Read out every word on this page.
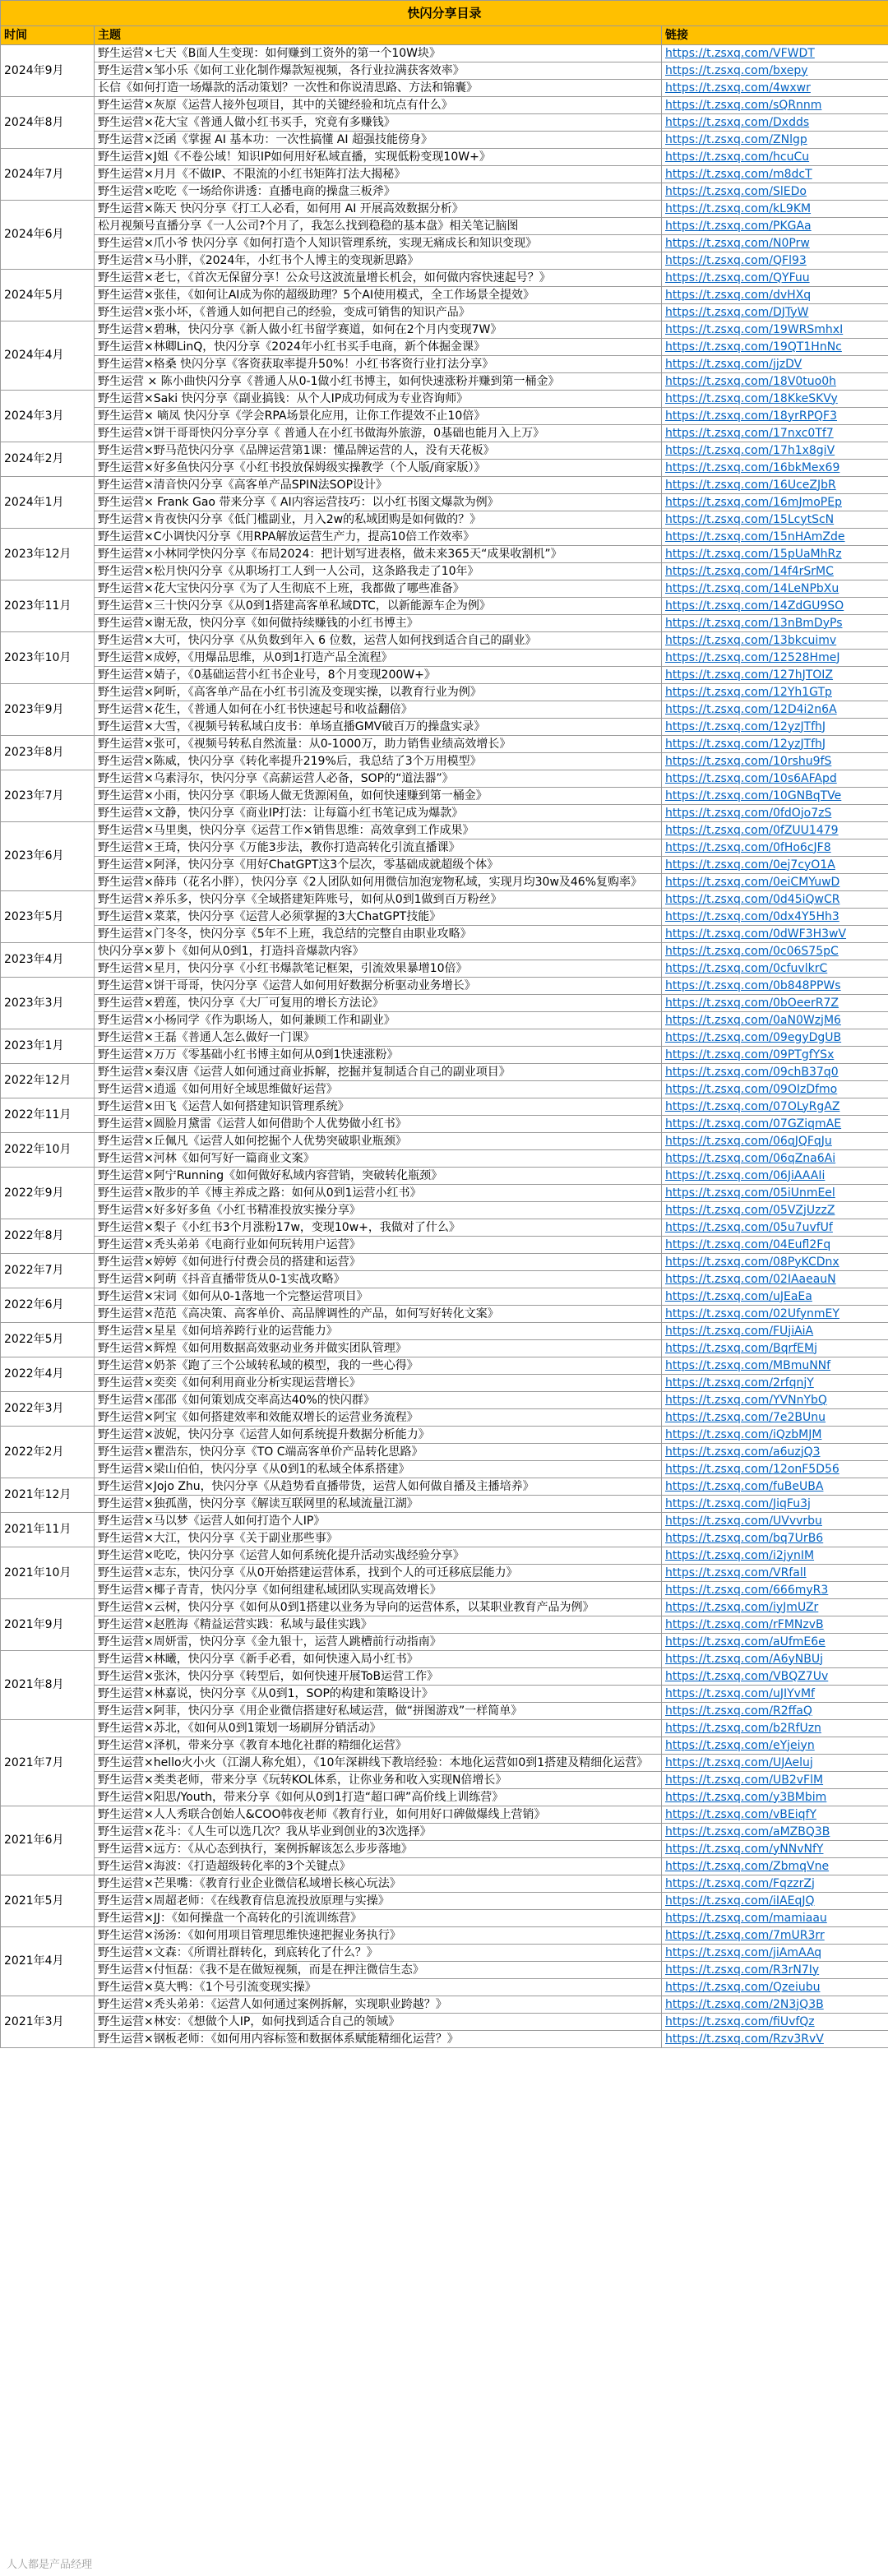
快闪分享目录		
时间	主题	链接
2024年9月	野生运营×七天《B面人生变现：如何赚到工资外的第一个10W块》	https://t.zsxq.com/VFWDT
	野生运营×邹小乐《如何工业化制作爆款短视频，各行业拉满获客效率》	https://t.zsxq.com/bxepy
	长信《如何打造一场爆款的活动策划？一次性和你说清思路、方法和锦囊》	https://t.zsxq.com/4wxwr
2024年8月	野生运营×灰原《运营人接外包项目，其中的关键经验和坑点有什么》	https://t.zsxq.com/sQRnnm
	野生运营×花大宝《普通人做小红书买手，究竟有多赚钱》	https://t.zsxq.com/Dxdds
	野生运营×泛函《掌握 AI 基本功：一次性搞懂 AI 超强技能傍身》	https://t.zsxq.com/ZNlgp
2024年7月	野生运营×J姐《不卷公域！知识IP如何用好私域直播，实现低粉变现10W+》	https://t.zsxq.com/hcuCu
	野生运营×月月《不做IP、不限流的小红书矩阵打法大揭秘》	https://t.zsxq.com/m8dcT
	野生运营×吃吃《一场给你讲透：直播电商的操盘三板斧》	https://t.zsxq.com/SlEDo
2024年6月	野生运营×陈天 快闪分享《打工人必看，如何用 AI 开展高效数据分析》	https://t.zsxq.com/kL9KM
	松月视频号直播分享《一人公司?个月了，我怎么找到稳稳的基本盘》相关笔记脑图	https://t.zsxq.com/PKGAa
	野生运营×爪小爷 快闪分享《如何打造个人知识管理系统，实现无痛成长和知识变现》	https://t.zsxq.com/N0Prw
	野生运营×马小胖，《2024年，小红书个人博主的变现新思路》	https://t.zsxq.com/QFl93
2024年5月	野生运营×老七，《首次无保留分享！公众号这波流量增长机会，如何做内容快速起号？》	https://t.zsxq.com/QYFuu
	野生运营×张佳，《如何让AI成为你的超级助理？5个AI使用模式，全工作场景全提效》	https://t.zsxq.com/dvHXq
	野生运营×张小坏，《普通人如何把自己的经验，变成可销售的知识产品》	https://t.zsxq.com/DJTyW
2024年4月	野生运营×碧琳，快闪分享《新人做小红书留学赛道，如何在2个月内变现7W》	https://t.zsxq.com/19WRSmhxI
	野生运营×林卿LinQ，快闪分享《2024年小红书买手电商，新个体掘金课》	https://t.zsxq.com/19QT1HnNc
	野生运营×格桑 快闪分享《客资获取率提升50%！小红书客资行业打法分享》	https://t.zsxq.com/jjzDV
	野生运营 × 陈小曲快闪分享《普通人从0-1做小红书博主，如何快速涨粉并赚到第一桶金》	https://t.zsxq.com/18V0tuo0h
2024年3月	野生运营×Saki 快闪分享《副业搞钱：从个人IP成功何成为专业咨询师》	https://t.zsxq.com/18KkeSKVy
	野生运营× 嘀凤 快闪分享《学会RPA场景化应用，让你工作提效不止10倍》	https://t.zsxq.com/18yrRPQF3
	野生运营×饼干哥哥快闪分享分享《 普通人在小红书做海外旅游，0基础也能月入上万》	https://t.zsxq.com/17nxc0Tf7
2024年2月	野生运营×野马范快闪分享《品牌运营第1课：懂品牌运营的人，没有天花板》	https://t.zsxq.com/17h1x8giV
	野生运营×好多鱼快闪分享《小红书投放保姆级实操教学（个人版/商家版）》	https://t.zsxq.com/16bkMex69
2024年1月	野生运营×清音快闪分享《高客单产品SPIN法SOP设计》	https://t.zsxq.com/16UceZJbR
	野生运营× Frank Gao 带来分享《 AI内容运营技巧：以小红书图文爆款为例》	https://t.zsxq.com/16mJmoPEp
	野生运营×肯夜快闪分享《低门槛副业，月入2w的私域团购是如何做的？》	https://t.zsxq.com/15LcytScN
2023年12月	野生运营×C小调快闪分享《用RPA解放运营生产力，提高10倍工作效率》	https://t.zsxq.com/15nHAmZde
	野生运营×小林同学快闪分享《布局2024：把计划写进表格，做未来365天“成果收割机”》	https://t.zsxq.com/15pUaMhRz
	野生运营×松月快闪分享《从职场打工人到一人公司，这条路我走了10年》	https://t.zsxq.com/14f4rSrMC
2023年11月	野生运营×花大宝快闪分享《为了人生彻底不上班，我都做了哪些准备》	https://t.zsxq.com/14LeNPbXu
	野生运营×三十快闪分享《从0到1搭建高客单私域DTC，以新能源车企为例》	https://t.zsxq.com/14ZdGU9SO
	野生运营×谢无敌，快闪分享《如何做持续赚钱的小红书博主》	https://t.zsxq.com/13nBmDyPs
2023年10月	野生运营×大可，快闪分享《从负数到年入 6 位数，运营人如何找到适合自己的副业》	https://t.zsxq.com/13bkcuimv
	野生运营×成婷，《用爆品思维，从0到1打造产品全流程》	https://t.zsxq.com/12528HmeJ
	野生运营×婧子，《0基础运营小红书企业号，8个月变现200W+》	https://t.zsxq.com/127hJTOIZ
2023年9月	野生运营×阿昕，《高客单产品在小红书引流及变现实操，以教育行业为例》	https://t.zsxq.com/12Yh1GTp
	野生运营×花生，《普通人如何在小红书快速起号和收益翻倍》	https://t.zsxq.com/12D4i2n6A
	野生运营×大雪，《视频号转私域白皮书：单场直播GMV破百万的操盘实录》	https://t.zsxq.com/12yzJTfhJ
2023年8月	野生运营×张可，《视频号转私自然流量：从0-1000万，助力销售业绩高效增长》	https://t.zsxq.com/12yzJTfhJ
	野生运营×陈威，快闪分享《转化率提升219%后，我总结了3个万用模型》	https://t.zsxq.com/10rshu9fS
2023年7月	野生运营×乌素浔尔，快闪分享《高薪运营人必备，SOP的“道法器”》	https://t.zsxq.com/10s6AFApd
	野生运营×小雨，快闪分享《职场人做无货源闲鱼，如何快速赚到第一桶金》	https://t.zsxq.com/10GNBqTVe
	野生运营×文静，快闪分享《商业IP打法：让每篇小红书笔记成为爆款》	https://t.zsxq.com/0fdOjo7zS
2023年6月	野生运营×马里奥，快闪分享《运营工作×销售思维：高效拿到工作成果》	https://t.zsxq.com/0fZUU1479
	野生运营×王琦，快闪分享《万能3步法，教你打造高转化引流直播课》	https://t.zsxq.com/0fHo6cJF8
	野生运营×阿泽，快闪分享《用好ChatGPT这3个层次，零基础成就超级个体》	https://t.zsxq.com/0ej7cyO1A
	野生运营×薛玮（花名小胖），快闪分享《2人团队如何用微信加泡宠物私域，实现月均30w及46%复购率》	https://t.zsxq.com/0eiCMYuwD
2023年5月	野生运营×养乐多，快闪分享《全域搭建矩阵账号，如何从0到1做到百万粉丝》	https://t.zsxq.com/0d45iQwCR
	野生运营×菜菜，快闪分享《运营人必须掌握的3大ChatGPT技能》	https://t.zsxq.com/0dx4Y5Hh3
	野生运营×门冬冬，快闪分享《5年不上班，我总结的完整自由职业攻略》	https://t.zsxq.com/0dWF3H3wV
2023年4月	快闪分享×萝卜《如何从0到1，打造抖音爆款内容》	https://t.zsxq.com/0c06S75pC
	野生运营×星月，快闪分享《小红书爆款笔记框架，引流效果暴增10倍》	https://t.zsxq.com/0cfuvlkrC
2023年3月	野生运营×饼干哥哥，快闪分享《运营人如何用好数据分析驱动业务增长》	https://t.zsxq.com/0b848PPWs
	野生运营×碧莲，快闪分享《大厂可复用的增长方法论》	https://t.zsxq.com/0bOeerR7Z
	野生运营×小杨同学《作为职场人，如何兼顾工作和副业》	https://t.zsxq.com/0aN0WzjM6
2023年1月	野生运营×王磊《普通人怎么做好一门课》	https://t.zsxq.com/09egyDgUB
	野生运营×万万《零基础小红书博主如何从0到1快速涨粉》	https://t.zsxq.com/09PTgfYSx
2022年12月	野生运营×秦汉唐《运营人如何通过商业拆解，挖掘并复制适合自己的副业项目》	https://t.zsxq.com/09chB37q0
	野生运营×逍遥《如何用好全域思维做好运营》	https://t.zsxq.com/09OIzDfmo
2022年11月	野生运营×田飞《运营人如何搭建知识管理系统》	https://t.zsxq.com/07OLyRgAZ
	野生运营×圆脸月黛雷《运营人如何借助个人优势做小红书》	https://t.zsxq.com/07GZiqmAE
2022年10月	野生运营×丘佩凡《运营人如何挖掘个人优势突破职业瓶颈》	https://t.zsxq.com/06qJQFqJu
	野生运营×河林《如何写好一篇商业文案》	https://t.zsxq.com/06qZna6Ai
2022年9月	野生运营×阿宁Running《如何做好私域内容营销，突破转化瓶颈》	https://t.zsxq.com/06JiAAAIi
	野生运营×散步的羊《博主养成之路：如何从0到1运营小红书》	https://t.zsxq.com/05iUnmEel
	野生运营×好多好多鱼《小红书精准投放实操分享》	https://t.zsxq.com/05VZjUzzZ
2022年8月	野生运营×梨子《小红书3个月涨粉17w，变现10w+，我做对了什么》	https://t.zsxq.com/05u7uvfUf
	野生运营×秃头弟弟《电商行业如何玩转用户运营》	https://t.zsxq.com/04Eufl2Fq
2022年7月	野生运营×婷婷《如何进行付费会员的搭建和运营》	https://t.zsxq.com/08PyKCDnx
	野生运营×阿萌《抖音直播带货从0-1实战攻略》	https://t.zsxq.com/02IAaeauN
2022年6月	野生运营×宋词《如何从0-1落地一个完整运营项目》	https://t.zsxq.com/uJEaEa
	野生运营×范范《高决策、高客单价、高品牌调性的产品，如何写好转化文案》	https://t.zsxq.com/02UfynmEY
2022年5月	野生运营×星星《如何培养跨行业的运营能力》	https://t.zsxq.com/FUjiAiA
	野生运营×辉煌《如何用数据高效驱动业务并做实团队管理》	https://t.zsxq.com/BqrfEMj
2022年4月	野生运营×奶茶《跑了三个公域转私域的模型，我的一些心得》	https://t.zsxq.com/MBmuNNf
	野生运营×奕奕《如何利用商业分析实现运营增长》	https://t.zsxq.com/2rfqnjY
2022年3月	野生运营×邵邵《如何策划成交率高达40%的快闪群》	https://t.zsxq.com/YVNnYbQ
	野生运营×阿宝《如何搭建效率和效能双增长的运营业务流程》	https://t.zsxq.com/7e2BUnu
2022年2月	野生运营×波妮，快闪分享《运营人如何系统提升数据分析能力》	https://t.zsxq.com/iQzbMJM
	野生运营×瞿浩东，快闪分享《TO C端高客单价产品转化思路》	https://t.zsxq.com/a6uzjQ3
	野生运营×梁山伯伯，快闪分享《从0到1的私域全体系搭建》	https://t.zsxq.com/12onF5D56
2021年12月	野生运营×Jojo Zhu，快闪分享《从趋势看直播带货，运营人如何做自播及主播培养》	https://t.zsxq.com/fuBeUBA
	野生运营×独孤凿，快闪分享《解读互联网里的私域流量江湖》	https://t.zsxq.com/JiqFu3j
2021年11月	野生运营×马以梦《运营人如何打造个人IP》	https://t.zsxq.com/UVvvrbu
	野生运营×大江，快闪分享《关于副业那些事》	https://t.zsxq.com/bq7UrB6
2021年10月	野生运营×吃吃，快闪分享《运营人如何系统化提升活动实战经验分享》	https://t.zsxq.com/i2jynIM
	野生运营×志东，快闪分享《从0开始搭建运营体系，找到个人的可迁移底层能力》	https://t.zsxq.com/VRfall
	野生运营×椰子青青，快闪分享《如何组建私域团队实现高效增长》	https://t.zsxq.com/666myR3
2021年9月	野生运营×云树，快闪分享《如何从0到1搭建以业务为导向的运营体系，以某职业教育产品为例》	https://t.zsxq.com/iyJmUZr
	野生运营×赵胜海《精益运营实践：私域与最佳实践》	https://t.zsxq.com/rFMNzvB
	野生运营×周妍雷，快闪分享《金九银十，运营人跳槽前行动指南》	https://t.zsxq.com/aUfmE6e
2021年8月	野生运营×林曦，快闪分享《新手必看，如何快速入局小红书》	https://t.zsxq.com/A6yNBUj
	野生运营×张沐，快闪分享《转型后，如何快速开展ToB运营工作》	https://t.zsxq.com/VBQZ7Uv
	野生运营×林嘉说，快闪分享《从0到1，SOP的构建和策略设计》	https://t.zsxq.com/uJIYvMf
	野生运营×阿菲，快闪分享《用企业微信搭建好私域运营，做“拼图游戏”一样简单》	https://t.zsxq.com/R2ffaQ
2021年7月	野生运营×苏北，《如何从0到1策划一场刷屏分销活动》	https://t.zsxq.com/b2RfUzn
	野生运营×泽机，带来分享《教育本地化社群的精细化运营》	https://t.zsxq.com/eYjeiyn
	野生运营×hello火小火（江湖人称允姐），《10年深耕线下教培经验：本地化运营如0到1搭建及精细化运营》	https://t.zsxq.com/UJAeluj
	野生运营×类类老师，带来分享《玩转KOL体系，让你业务和收入实现N倍增长》	https://t.zsxq.com/UB2vFlM
	野生运营×阳思/Youth，带来分享《如何从0到1打造“超口碑”高价线上训练营》	https://t.zsxq.com/y3BMbim
2021年6月	野生运营×人人秀联合创始人&COO韩夜老师《教育行业，如何用好口碑做爆线上营销》	https://t.zsxq.com/vBEiqfY
	野生运营×花斗：《人生可以选几次？我从毕业到创业的3次选择》	https://t.zsxq.com/aMZBQ3B
	野生运营×远方：《从心态到执行，案例拆解该怎么步步落地》	https://t.zsxq.com/yNNvNfY
	野生运营×海波：《打造超级转化率的3个关键点》	https://t.zsxq.com/ZbmqVne
2021年5月	野生运营×芒果嘴：《教育行业企业微信私域增长核心玩法》	https://t.zsxq.com/FqzzrZj
	野生运营×周超老师：《在线教育信息流投放原理与实操》	https://t.zsxq.com/iIAEqJQ
	野生运营×JJ：《如何操盘一个高转化的引流训练营》	https://t.zsxq.com/mamiaau
2021年4月	野生运营×汤汤：《如何用项目管理思维快速把握业务执行》	https://t.zsxq.com/7mUR3rr
	野生运营×文森：《所谓社群转化，到底转化了什么？》	https://t.zsxq.com/jiAmAAq
	野生运营×付恒磊：《我不是在做短视频，而是在押注微信生态》	https://t.zsxq.com/R3rN7Iy
	野生运营×莫大鸭：《1个号引流变现实操》	https://t.zsxq.com/Qzeiubu
2021年3月	野生运营×秃头弟弟：《运营人如何通过案例拆解，实现职业跨越？》	https://t.zsxq.com/2N3jQ3B
	野生运营×林安：《想做个人IP，如何找到适合自己的领域》	https://t.zsxq.com/fiUvfQz
	野生运营×钢板老师：《如何用内容标签和数据体系赋能精细化运营？》	https://t.zsxq.com/Rzv3RvV
人人都是产品经理
